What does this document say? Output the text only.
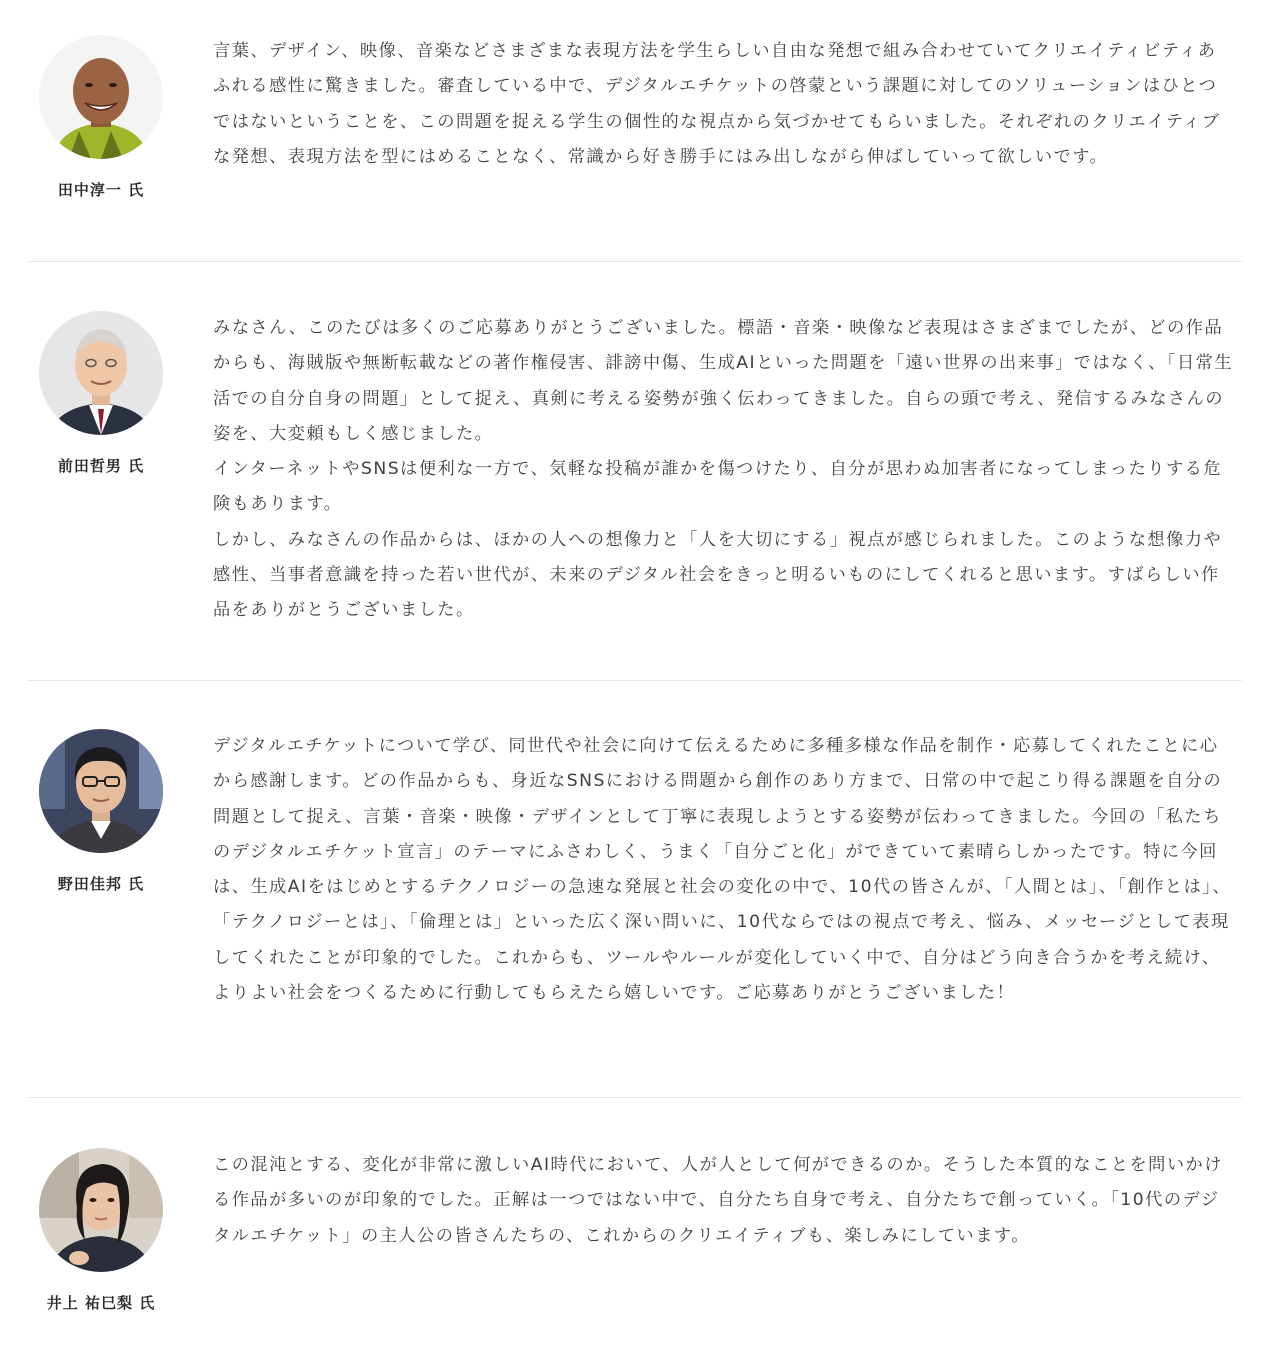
田中淳一 氏

言葉、デザイン、映像、音楽などさまざまな表現方法を学生らしい自由な発想で組み合わせていてクリエイティビティあふれる感性に驚きました。審査している中で、デジタルエチケットの啓蒙という課題に対してのソリューションはひとつではないということを、この問題を捉える学生の個性的な視点から気づかせてもらいました。それぞれのクリエイティブな発想、表現方法を型にはめることなく、常識から好き勝手にはみ出しながら伸ばしていって欲しいです。

前田哲男 氏

みなさん、このたびは多くのご応募ありがとうございました。標語・音楽・映像など表現はさまざまでしたが、どの作品からも、海賊版や無断転載などの著作権侵害、誹謗中傷、生成AIといった問題を「遠い世界の出来事」ではなく、「日常生活での自分自身の問題」として捉え、真剣に考える姿勢が強く伝わってきました。自らの頭で考え、発信するみなさんの姿を、大変頼もしく感じました。

インターネットやSNSは便利な一方で、気軽な投稿が誰かを傷つけたり、自分が思わぬ加害者になってしまったりする危険もあります。

しかし、みなさんの作品からは、ほかの人への想像力と「人を大切にする」視点が感じられました。このような想像力や感性、当事者意識を持った若い世代が、未来のデジタル社会をきっと明るいものにしてくれると思います。すばらしい作品をありがとうございました。

野田佳邦 氏

デジタルエチケットについて学び、同世代や社会に向けて伝えるために多種多様な作品を制作・応募してくれたことに心から感謝します。どの作品からも、身近なSNSにおける問題から創作のあり方まで、日常の中で起こり得る課題を自分の問題として捉え、言葉・音楽・映像・デザインとして丁寧に表現しようとする姿勢が伝わってきました。今回の「私たちのデジタルエチケット宣言」のテーマにふさわしく、うまく「自分ごと化」ができていて素晴らしかったです。特に今回は、生成AIをはじめとするテクノロジーの急速な発展と社会の変化の中で、10代の皆さんが、「人間とは」、「創作とは」、「テクノロジーとは」、「倫理とは」といった広く深い問いに、10代ならではの視点で考え、悩み、メッセージとして表現してくれたことが印象的でした。これからも、ツールやルールが変化していく中で、自分はどう向き合うかを考え続け、よりよい社会をつくるために行動してもらえたら嬉しいです。ご応募ありがとうございました！

井上 祐巳梨 氏

この混沌とする、変化が非常に激しいAI時代において、人が人として何ができるのか。そうした本質的なことを問いかける作品が多いのが印象的でした。正解は一つではない中で、自分たち自身で考え、自分たちで創っていく。「10代のデジタルエチケット」の主人公の皆さんたちの、これからのクリエイティブも、楽しみにしています。
